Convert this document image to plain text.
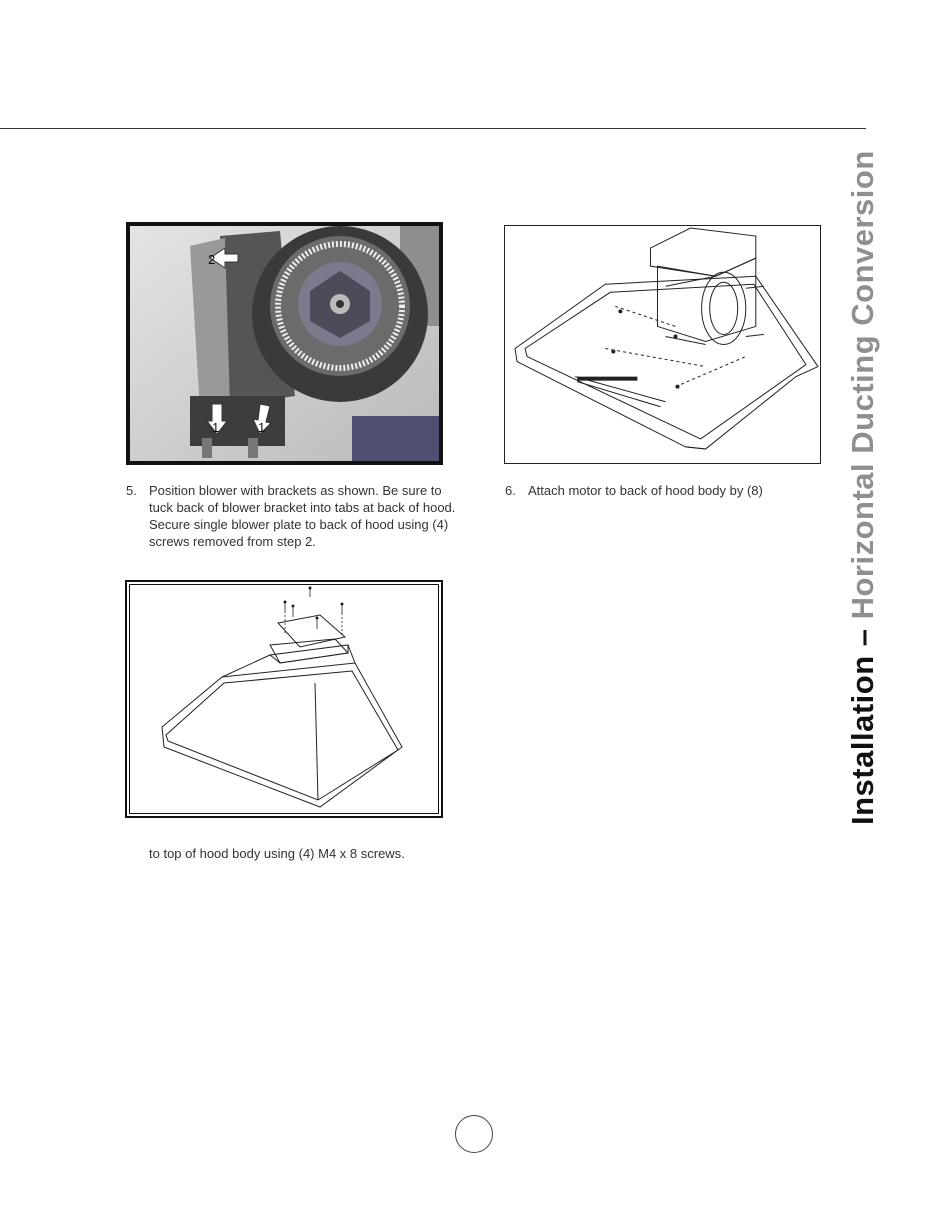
2
1	1
5. Position blower with brackets as shown. Be sure to tuck back of blower bracket into tabs at back of hood. Secure single blower plate to back of hood using (4) screws removed from step 2.
6. Attach motor to back of hood body by (8)
to top of hood body using (4) M4 x 8 screws.
Installation – Horizontal Ducting Conversion
